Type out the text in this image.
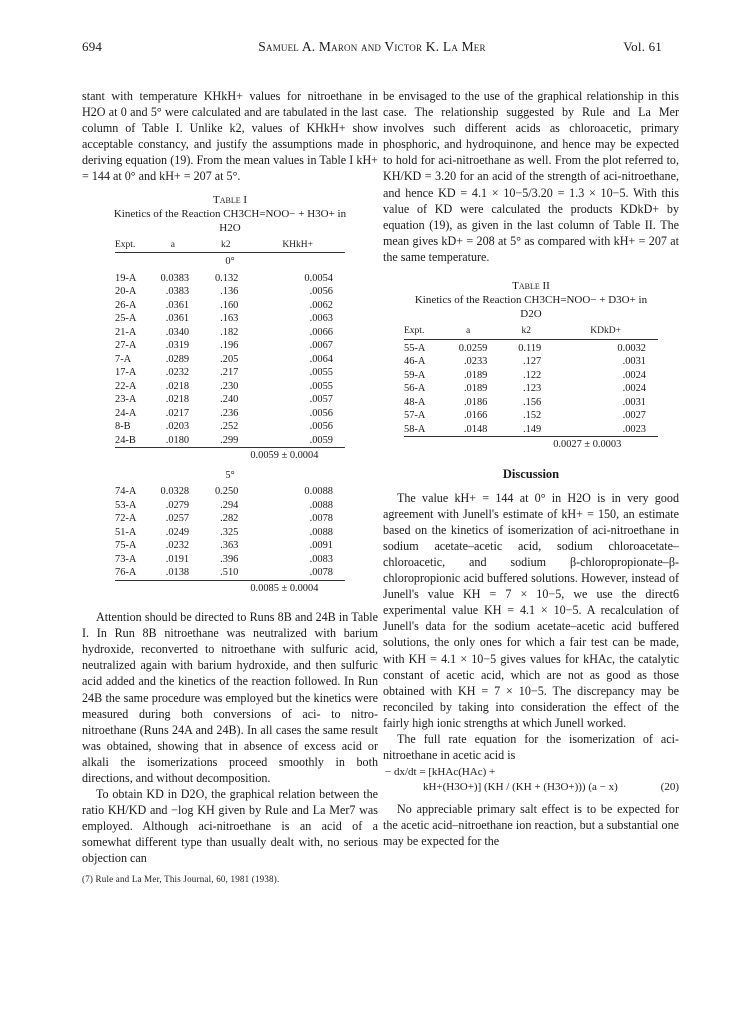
694	Samuel A. Maron and Victor K. La Mer	Vol. 61

stant with temperature KHkH+ values for nitroethane in H2O at 0 and 5° were calculated and are tabulated in the last column of Table I. Unlike k2, values of KHkH+ show acceptable constancy, and justify the assumptions made in deriving equation (19). From the mean values in Table I kH+ = 144 at 0° and kH+ = 207 at 5°.

Table I
Kinetics of the Reaction CH3CH=NOO− + H3O+ in
H2O
Expt.	a	k2	KHkH+
0°			
19-A	0.0383	0.132	0.0054
20-A	.0383	.136	.0056
26-A	.0361	.160	.0062
25-A	.0361	.163	.0063
21-A	.0340	.182	.0066
27-A	.0319	.196	.0067
7-A	.0289	.205	.0064
17-A	.0232	.217	.0055
22-A	.0218	.230	.0055
23-A	.0218	.240	.0057
24-A	.0217	.236	.0056
8-B	.0203	.252	.0056
24-B	.0180	.299	.0059
			0.0059 ± 0.0004
5°			
74-A	0.0328	0.250	0.0088
53-A	.0279	.294	.0088
72-A	.0257	.282	.0078
51-A	.0249	.325	.0088
75-A	.0232	.363	.0091
73-A	.0191	.396	.0083
76-A	.0138	.510	.0078
			0.0085 ± 0.0004

Attention should be directed to Runs 8B and 24B in Table I. In Run 8B nitroethane was neutralized with barium hydroxide, reconverted to nitroethane with sulfuric acid, neutralized again with barium hydroxide, and then sulfuric acid added and the kinetics of the reaction followed. In Run 24B the same procedure was employed but the kinetics were measured during both conversions of aci- to nitro-nitroethane (Runs 24A and 24B). In all cases the same result was obtained, showing that in absence of excess acid or alkali the isomerizations proceed smoothly in both directions, and without decomposition.

To obtain KD in D2O, the graphical relation between the ratio KH/KD and −log KH given by Rule and La Mer7 was employed. Although aci-nitroethane is an acid of a somewhat different type than usually dealt with, no serious objection can

(7) Rule and La Mer, This Journal, 60, 1981 (1938).

be envisaged to the use of the graphical relationship in this case. The relationship suggested by Rule and La Mer involves such different acids as chloroacetic, primary phosphoric, and hydroquinone, and hence may be expected to hold for aci-nitroethane as well. From the plot referred to, KH/KD = 3.20 for an acid of the strength of aci-nitroethane, and hence KD = 4.1 × 10−5/3.20 = 1.3 × 10−5. With this value of KD were calculated the products KDkD+ by equation (19), as given in the last column of Table II. The mean gives kD+ = 208 at 5° as compared with kH+ = 207 at the same temperature.

Table II
Kinetics of the Reaction CH3CH=NOO− + D3O+ in
D2O
Expt.	a	k2	KDkD+
55-A	0.0259	0.119	0.0032
46-A	.0233	.127	.0031
59-A	.0189	.122	.0024
56-A	.0189	.123	.0024
48-A	.0186	.156	.0031
57-A	.0166	.152	.0027
58-A	.0148	.149	.0023
			0.0027 ± 0.0003
Discussion

The value kH+ = 144 at 0° in H2O is in very good agreement with Junell's estimate of kH+ = 150, an estimate based on the kinetics of isomerization of aci-nitroethane in sodium acetate–acetic acid, sodium chloroacetate–chloroacetic, and sodium β-chloropropionate–β-chloropropionic acid buffered solutions. However, instead of Junell's value KH = 7 × 10−5, we use the direct6 experimental value KH = 4.1 × 10−5. A recalculation of Junell's data for the sodium acetate–acetic acid buffered solutions, the only ones for which a fair test can be made, with KH = 4.1 × 10−5 gives values for kHAc, the catalytic constant of acetic acid, which are not as good as those obtained with KH = 7 × 10−5. The discrepancy may be reconciled by taking into consideration the effect of the fairly high ionic strengths at which Junell worked.

The full rate equation for the isomerization of aci-nitroethane in acetic acid is

− dx/dt = [kHAc(HAc) +
kH+(H3O+)] (KH / (KH + (H3O+))) (a − x)	(20)

No appreciable primary salt effect is to be expected for the acetic acid–nitroethane ion reaction, but a substantial one may be expected for the
